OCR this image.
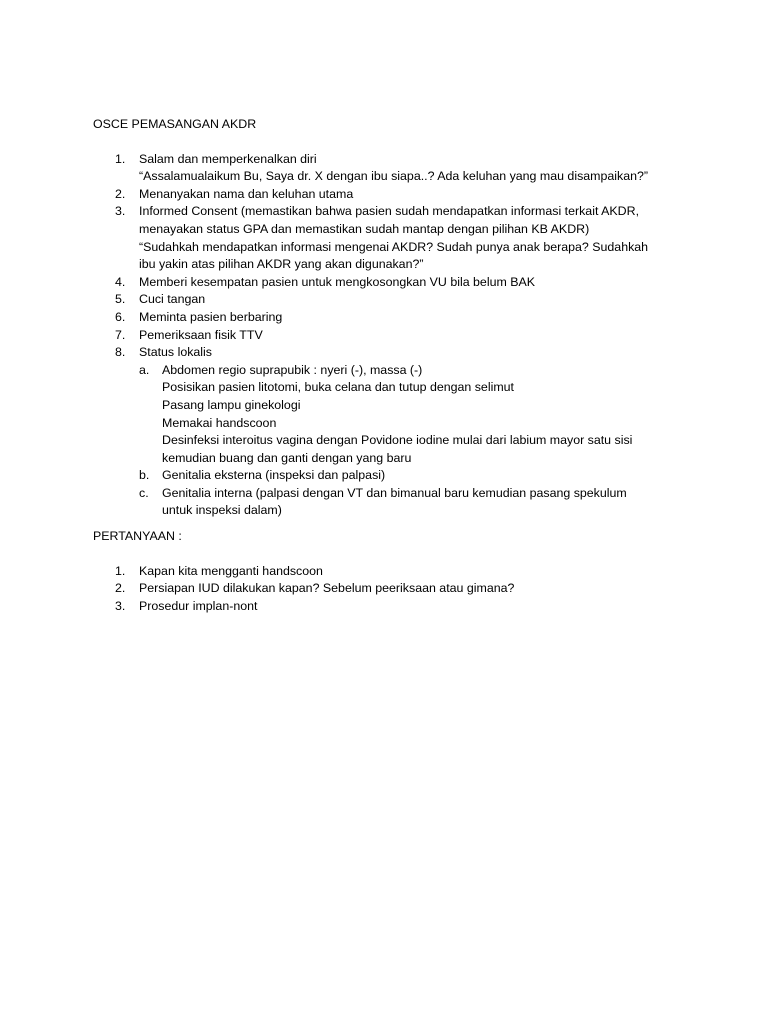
OSCE PEMASANGAN AKDR

1.	Salam dan memperkenalkan diri
“Assalamualaikum Bu, Saya dr. X dengan ibu siapa..? Ada keluhan yang mau disampaikan?”
2.	Menanyakan nama dan keluhan utama
3.	Informed Consent (memastikan bahwa pasien sudah mendapatkan informasi terkait AKDR,
menayakan status GPA dan memastikan sudah mantap dengan pilihan KB AKDR)
“Sudahkah mendapatkan informasi mengenai AKDR? Sudah punya anak berapa? Sudahkah
ibu yakin atas pilihan AKDR yang akan digunakan?”
4.	Memberi kesempatan pasien untuk mengkosongkan VU bila belum BAK
5.	Cuci tangan
6.	Meminta pasien berbaring
7.	Pemeriksaan fisik TTV
8.	Status lokalis
a.	Abdomen regio suprapubik : nyeri (-), massa (-)
Posisikan pasien litotomi, buka celana dan tutup dengan selimut
Pasang lampu ginekologi
Memakai handscoon
Desinfeksi interoitus vagina dengan Povidone iodine mulai dari labium mayor satu sisi
kemudian buang dan ganti dengan yang baru
b.	Genitalia eksterna (inspeksi dan palpasi)
c.	Genitalia interna (palpasi dengan VT dan bimanual baru kemudian pasang spekulum
untuk inspeksi dalam)

PERTANYAAN :

1.	Kapan kita mengganti handscoon
2.	Persiapan IUD dilakukan kapan? Sebelum peeriksaan atau gimana?
3.	Prosedur implan-nont
